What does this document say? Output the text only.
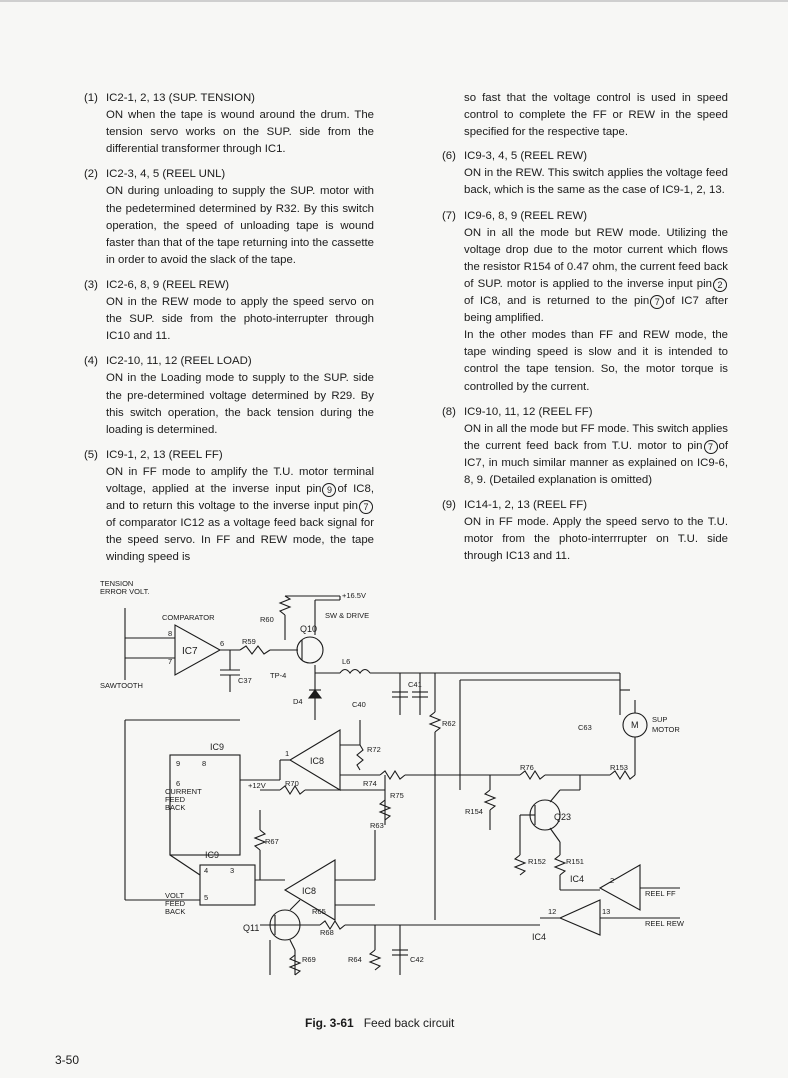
(1) IC2-1, 2, 13 (SUP. TENSION)
ON when the tape is wound around the drum. The tension servo works on the SUP. side from the differential transformer through IC1.
(2) IC2-3, 4, 5 (REEL UNL)
ON during unloading to supply the SUP. motor with the pedetermined determined by R32. By this switch operation, the speed of unloading tape is wound faster than that of the tape returning into the cassette in order to avoid the slack of the tape.
(3) IC2-6, 8, 9 (REEL REW)
ON in the REW mode to apply the speed servo on the SUP. side from the photo-interrupter through IC10 and 11.
(4) IC2-10, 11, 12 (REEL LOAD)
ON in the Loading mode to supply to the SUP. side the pre-determined voltage determined by R29. By this switch operation, the back tension during the loading is determined.
(5) IC9-1, 2, 13 (REEL FF)
ON in FF mode to amplify the T.U. motor terminal voltage, applied at the inverse input pin 9 of IC8, and to return this voltage to the inverse input pin 7of comparator IC12 as a voltage feed back signal for the speed servo. In FF and REW mode, the tape winding speed is
so fast that the voltage control is used in speed control to complete the FF or REW in the speed specified for the respective tape.
(6) IC9-3, 4, 5 (REEL REW)
ON in the REW. This switch applies the voltage feed back, which is the same as the case of IC9-1, 2, 13.
(7) IC9-6, 8, 9 (REEL REW)
ON in all the mode but REW mode. Utilizing the voltage drop due to the motor current which flows the resistor R154 of 0.47 ohm, the current feed back of SUP. motor is applied to the inverse input pin 2of IC8, and is returned to the pin 7 of IC7 after being amplified.
In the other modes than FF and REW mode, the tape winding speed is slow and it is intended to control the tape tension. So, the motor torque is controlled by the current.
(8) IC9-10, 11, 12 (REEL FF)
ON in all the mode but FF mode. This switch applies the current feed back from T.U. motor to pin 7 of IC7, in much similar manner as explained on IC9-6, 8, 9. (Detailed explanation is omitted)
(9) IC14-1, 2, 13 (REEL FF)
ON in FF mode. Apply the speed servo to the T.U. motor from the photo-interrrupter on T.U. side through IC13 and 11.
TENSION
ERROR VOLT.
COMPARATOR
SAWTOOTH
+16.5V
SW & DRIVE
R60
Q10
R59
IC7
8
7
6
TP-4
C37
L6
D4	C40
C41
R62	C63	M
SUP
MOTOR
IC9
IC8
R72
R70	R74
R75
R76	R153
R154
Q23
CURRENT
FEED
BACK
+12V
R63
R67
IC9
IC8
R65
VOLT
FEED
BACK
R152	R151
IC4
REEL FF
REEL REW
IC4
Q11	R68
R69	R64	C42
9	8
6
4	3
5
2
12	13
1
Fig. 3-61 Feed back circuit
3-50
